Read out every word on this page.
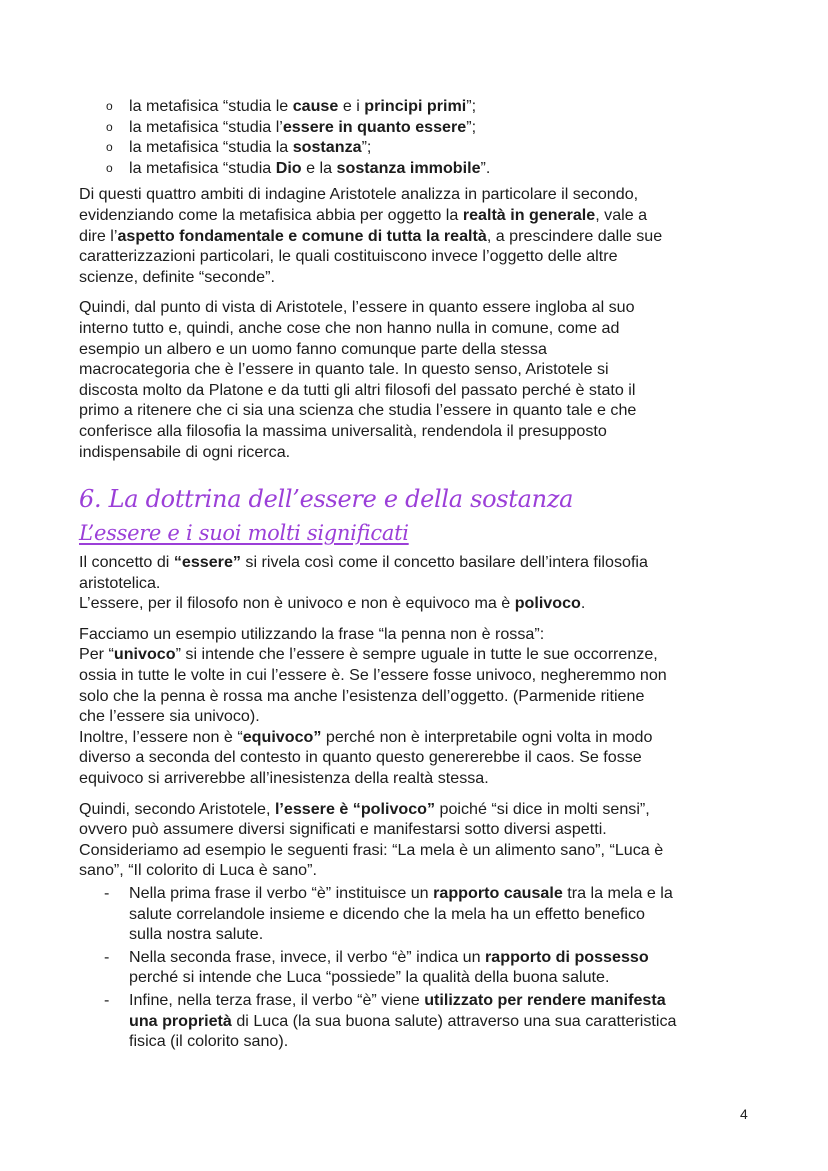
o la metafisica “studia le cause e i principi primi”;
o la metafisica “studia l’essere in quanto essere”;
o la metafisica “studia la sostanza”;
o la metafisica “studia Dio e la sostanza immobile”.

Di questi quattro ambiti di indagine Aristotele analizza in particolare il secondo,
evidenziando come la metafisica abbia per oggetto la realtà in generale, vale a
dire l’aspetto fondamentale e comune di tutta la realtà, a prescindere dalle sue
caratterizzazioni particolari, le quali costituiscono invece l’oggetto delle altre
scienze, definite “seconde”.

Quindi, dal punto di vista di Aristotele, l’essere in quanto essere ingloba al suo
interno tutto e, quindi, anche cose che non hanno nulla in comune, come ad
esempio un albero e un uomo fanno comunque parte della stessa
macrocategoria che è l’essere in quanto tale. In questo senso, Aristotele si
discosta molto da Platone e da tutti gli altri filosofi del passato perché è stato il
primo a ritenere che ci sia una scienza che studia l’essere in quanto tale e che
conferisce alla filosofia la massima universalità, rendendola il presupposto
indispensabile di ogni ricerca.

6. La dottrina dell’essere e della sostanza
L’essere e i suoi molti significati

Il concetto di “essere” si rivela così come il concetto basilare dell’intera filosofia
aristotelica.
L’essere, per il filosofo non è univoco e non è equivoco ma è polivoco.

Facciamo un esempio utilizzando la frase “la penna non è rossa”:
Per “univoco” si intende che l’essere è sempre uguale in tutte le sue occorrenze,
ossia in tutte le volte in cui l’essere è. Se l’essere fosse univoco, negheremmo non
solo che la penna è rossa ma anche l’esistenza dell’oggetto. (Parmenide ritiene
che l’essere sia univoco).
Inoltre, l’essere non è “equivoco” perché non è interpretabile ogni volta in modo
diverso a seconda del contesto in quanto questo genererebbe il caos. Se fosse
equivoco si arriverebbe all’inesistenza della realtà stessa.

Quindi, secondo Aristotele, l’essere è “polivoco” poiché “si dice in molti sensi”,
ovvero può assumere diversi significati e manifestarsi sotto diversi aspetti.
Consideriamo ad esempio le seguenti frasi: “La mela è un alimento sano”, “Luca è
sano”, “Il colorito di Luca è sano”.

- Nella prima frase il verbo “è” instituisce un rapporto causale tra la mela e la
salute correlandole insieme e dicendo che la mela ha un effetto benefico
sulla nostra salute.
- Nella seconda frase, invece, il verbo “è” indica un rapporto di possesso
perché si intende che Luca “possiede” la qualità della buona salute.
- Infine, nella terza frase, il verbo “è” viene utilizzato per rendere manifesta
una proprietà di Luca (la sua buona salute) attraverso una sua caratteristica
fisica (il colorito sano).
4
